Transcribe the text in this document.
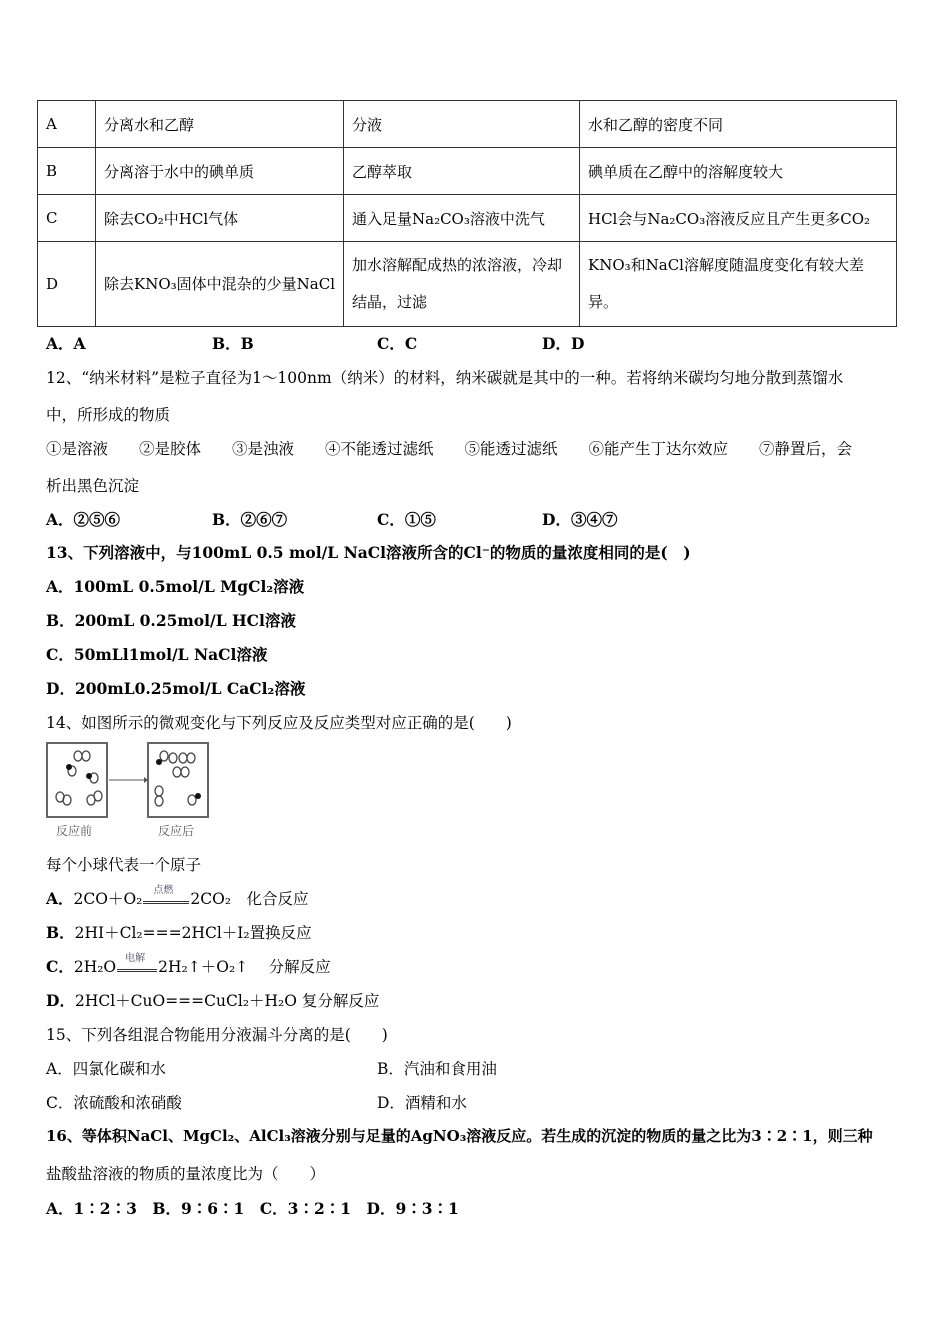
A	分离水和乙醇	分液	水和乙醇的密度不同
B	分离溶于水中的碘单质	乙醇萃取	碘单质在乙醇中的溶解度较大
C	除去CO₂中HCl气体	通入足量Na₂CO₃溶液中洗气	HCl会与Na₂CO₃溶液反应且产生更多CO₂
D	除去KNO₃固体中混杂的少量NaCl	加水溶解配成热的浓溶液，冷却结晶，过滤	KNO₃和NaCl溶解度随温度变化有较大差异。
A．A	B．B	C．C	D．D
12、“纳米材料”是粒子直径为1～100nm（纳米）的材料，纳米碳就是其中的一种。若将纳米碳均匀地分散到蒸馏水
中，所形成的物质
①是溶液　　②是胶体　　③是浊液　　④不能透过滤纸　　⑤能透过滤纸　　⑥能产生丁达尔效应　　⑦静置后，会
析出黑色沉淀
A．②⑤⑥	B．②⑥⑦	C．①⑤	D．③④⑦
13、下列溶液中，与100mL 0.5 mol/L NaCl溶液所含的Cl⁻的物质的量浓度相同的是(　)
A．100mL 0.5mol/L MgCl₂溶液
B．200mL 0.25mol/L HCl溶液
C．50mLl1mol/L NaCl溶液
D．200mL0.25mol/L CaCl₂溶液
14、如图所示的微观变化与下列反应及反应类型对应正确的是(　　)
反应前	反应后
每个小球代表一个原子
A．2CO＋O₂ 点燃 2CO₂　化合反应
B．2HI＋Cl₂===2HCl＋I₂置换反应
C．2H₂O 电解 2H₂↑＋O₂↑　 分解反应
D．2HCl＋CuO===CuCl₂＋H₂O 复分解反应
15、下列各组混合物能用分液漏斗分离的是(　　)
A．四氯化碳和水	B．汽油和食用油
C．浓硫酸和浓硝酸	D．酒精和水
16、等体积NaCl、MgCl₂、AlCl₃溶液分别与足量的AgNO₃溶液反应。若生成的沉淀的物质的量之比为3∶2∶1，则三种
盐酸盐溶液的物质的量浓度比为（　　）
A．1∶2∶3　B．9∶6∶1　C．3∶2∶1　D．9∶3∶1
